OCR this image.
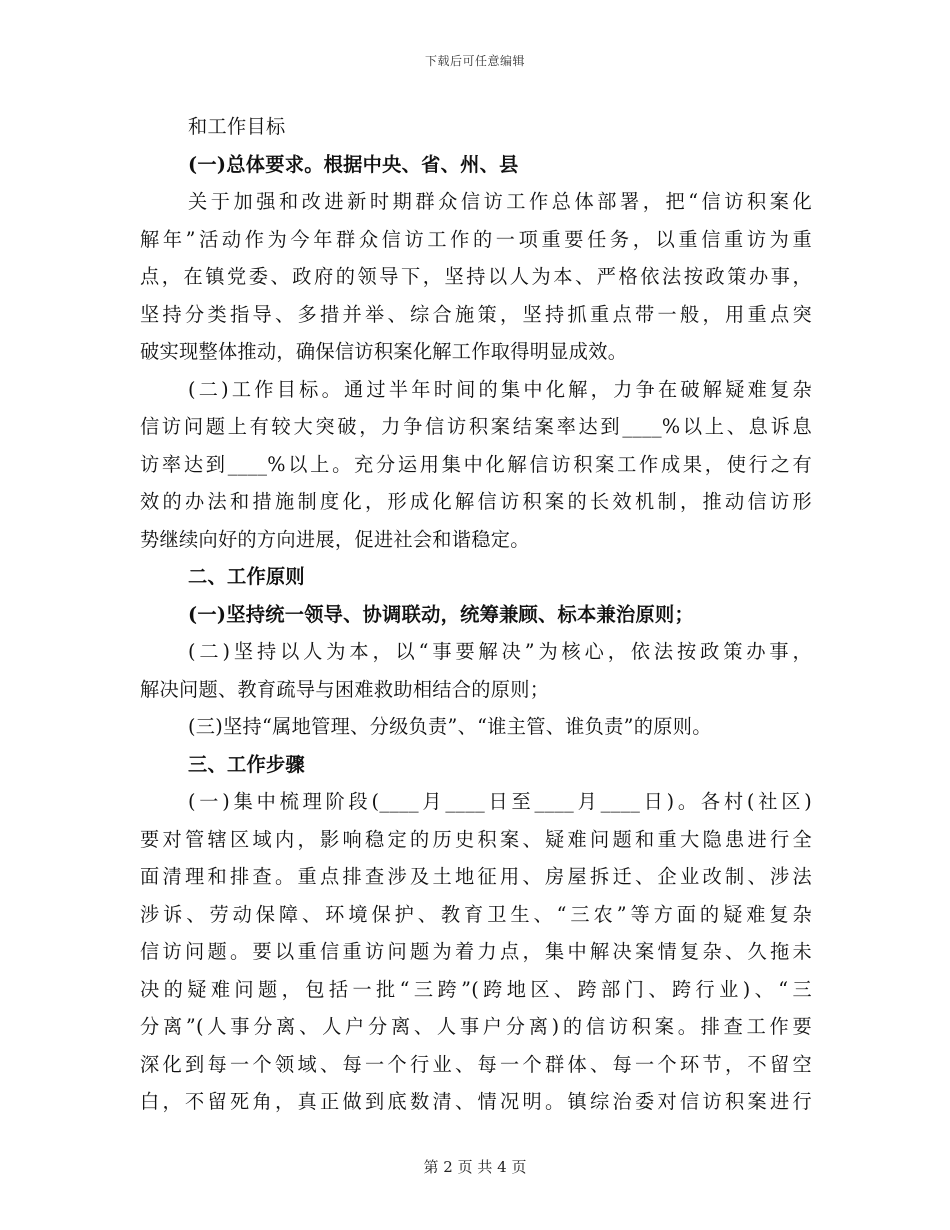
下载后可任意编辑
和工作目标
(一)总体要求。根据中央、省、州、县
关于加强和改进新时期群众信访工作总体部署，把“信访积案化
解年”活动作为今年群众信访工作的一项重要任务，以重信重访为重
点，在镇党委、政府的领导下，坚持以人为本、严格依法按政策办事，
坚持分类指导、多措并举、综合施策，坚持抓重点带一般，用重点突
破实现整体推动，确保信访积案化解工作取得明显成效。
(二)工作目标。通过半年时间的集中化解，力争在破解疑难复杂
信访问题上有较大突破，力争信访积案结案率达到____%以上、息诉息
访率达到____%以上。充分运用集中化解信访积案工作成果，使行之有
效的办法和措施制度化，形成化解信访积案的长效机制，推动信访形
势继续向好的方向进展，促进社会和谐稳定。
二、工作原则
(一)坚持统一领导、协调联动，统筹兼顾、标本兼治原则；
(二)坚持以人为本，以“事要解决”为核心，依法按政策办事，
解决问题、教育疏导与困难救助相结合的原则；
(三)坚持“属地管理、分级负责”、“谁主管、谁负责”的原则。
三、工作步骤
(一)集中梳理阶段(____月____日至____月____日)。各村(社区)
要对管辖区域内，影响稳定的历史积案、疑难问题和重大隐患进行全
面清理和排查。重点排查涉及土地征用、房屋拆迁、企业改制、涉法
涉诉、劳动保障、环境保护、教育卫生、“三农”等方面的疑难复杂
信访问题。要以重信重访问题为着力点，集中解决案情复杂、久拖未
决的疑难问题，包括一批“三跨”(跨地区、跨部门、跨行业)、“三
分离”(人事分离、人户分离、人事户分离)的信访积案。排查工作要
深化到每一个领域、每一个行业、每一个群体、每一个环节，不留空
白，不留死角，真正做到底数清、情况明。镇综治委对信访积案进行
第 2 页 共 4 页
